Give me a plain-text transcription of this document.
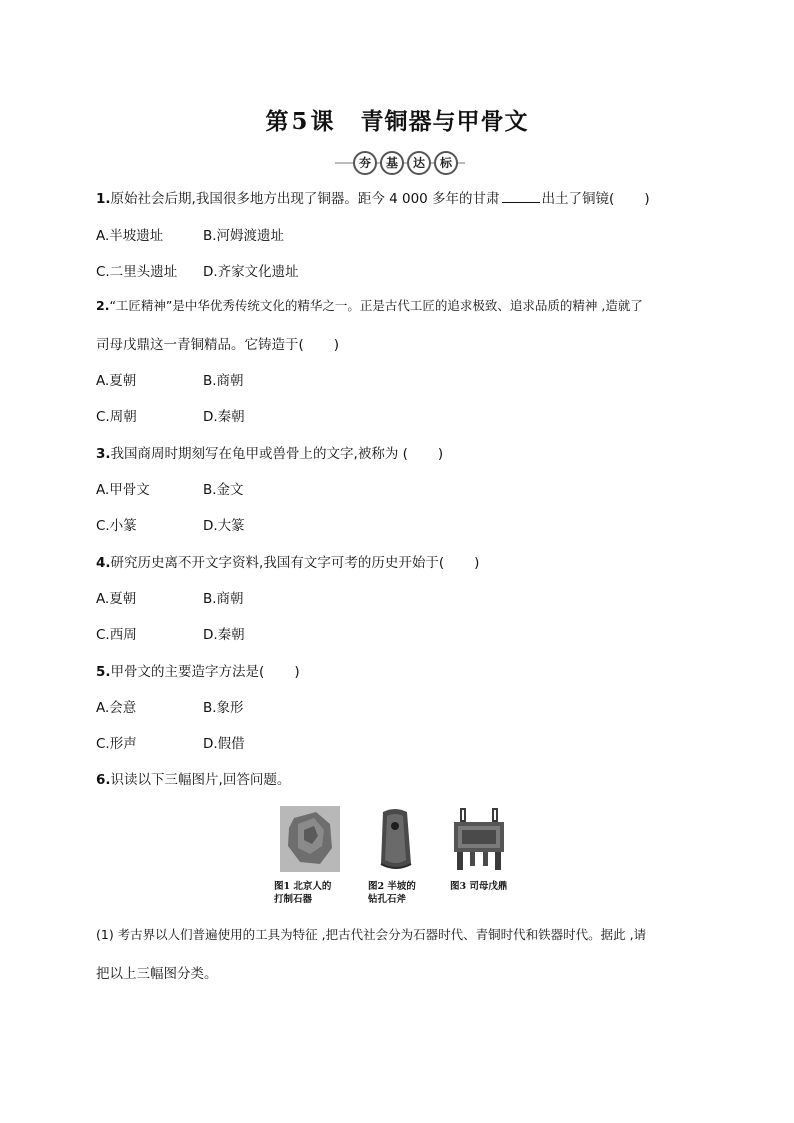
第5课 青铜器与甲骨文
夯	基	达	标
1.原始社会后期,我国很多地方出现了铜器。距今 4 000 多年的甘肃	出土了铜镜( )
A.半坡遗址	B.河姆渡遗址
C.二里头遗址 D.齐家文化遗址
2.“工匠精神”是中华优秀传统文化的精华之一。正是古代工匠的追求极致、追求品质的精神 ,造就了
司母戊鼎这一青铜精品。它铸造于( )
A.夏朝	B.商朝
C.周朝	D.秦朝
3.我国商周时期刻写在龟甲或兽骨上的文字,被称为 ( )
A.甲骨文	B.金文
C.小篆	D.大篆
4.研究历史离不开文字资料,我国有文字可考的历史开始于( )
A.夏朝	B.商朝
C.西周	D.秦朝
5.甲骨文的主要造字方法是( )
A.会意	B.象形
C.形声	D.假借
6.识读以下三幅图片,回答问题。
图1 北京人的
打制石器
图2 半坡的
钻孔石斧
图3 司母戊鼎
(1) 考古界以人们普遍使用的工具为特征 ,把古代社会分为石器时代、青铜时代和铁器时代。据此 ,请
把以上三幅图分类。
